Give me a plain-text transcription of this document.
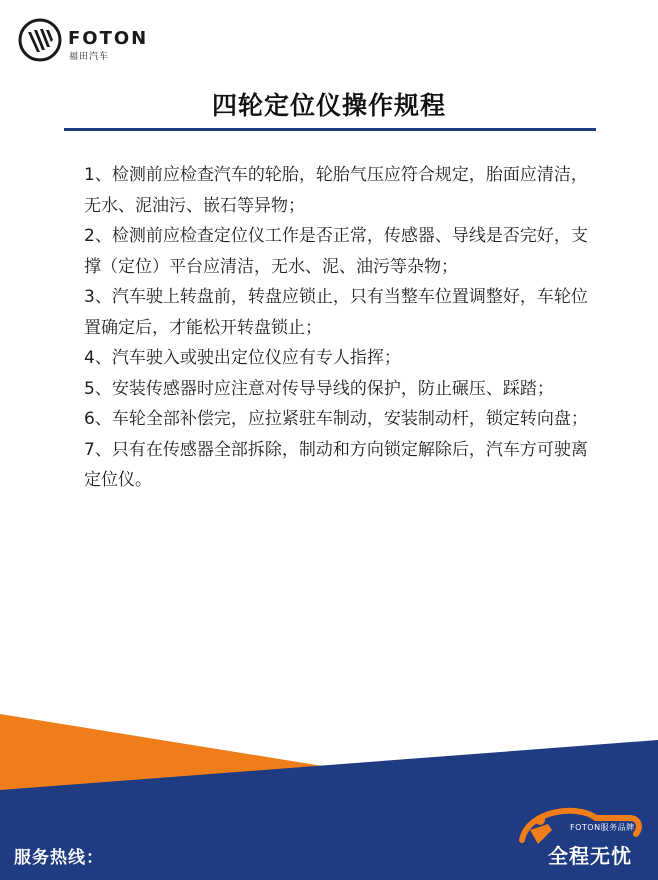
FOTON
福田汽车
四轮定位仪操作规程
1、检测前应检查汽车的轮胎，轮胎气压应符合规定，胎面应清洁，无水、泥油污、嵌石等异物；
2、检测前应检查定位仪工作是否正常，传感器、导线是否完好，支撑（定位）平台应清洁，无水、泥、油污等杂物；
3、汽车驶上转盘前，转盘应锁止，只有当整车位置调整好，车轮位置确定后，才能松开转盘锁止；
4、汽车驶入或驶出定位仪应有专人指挥；
5、安装传感器时应注意对传导导线的保护，防止碾压、踩踏；
6、车轮全部补偿完，应拉紧驻车制动，安装制动杆，锁定转向盘；
7、只有在传感器全部拆除，制动和方向锁定解除后，汽车方可驶离定位仪。
服务热线：
FOTON服务品牌
全程无忧
